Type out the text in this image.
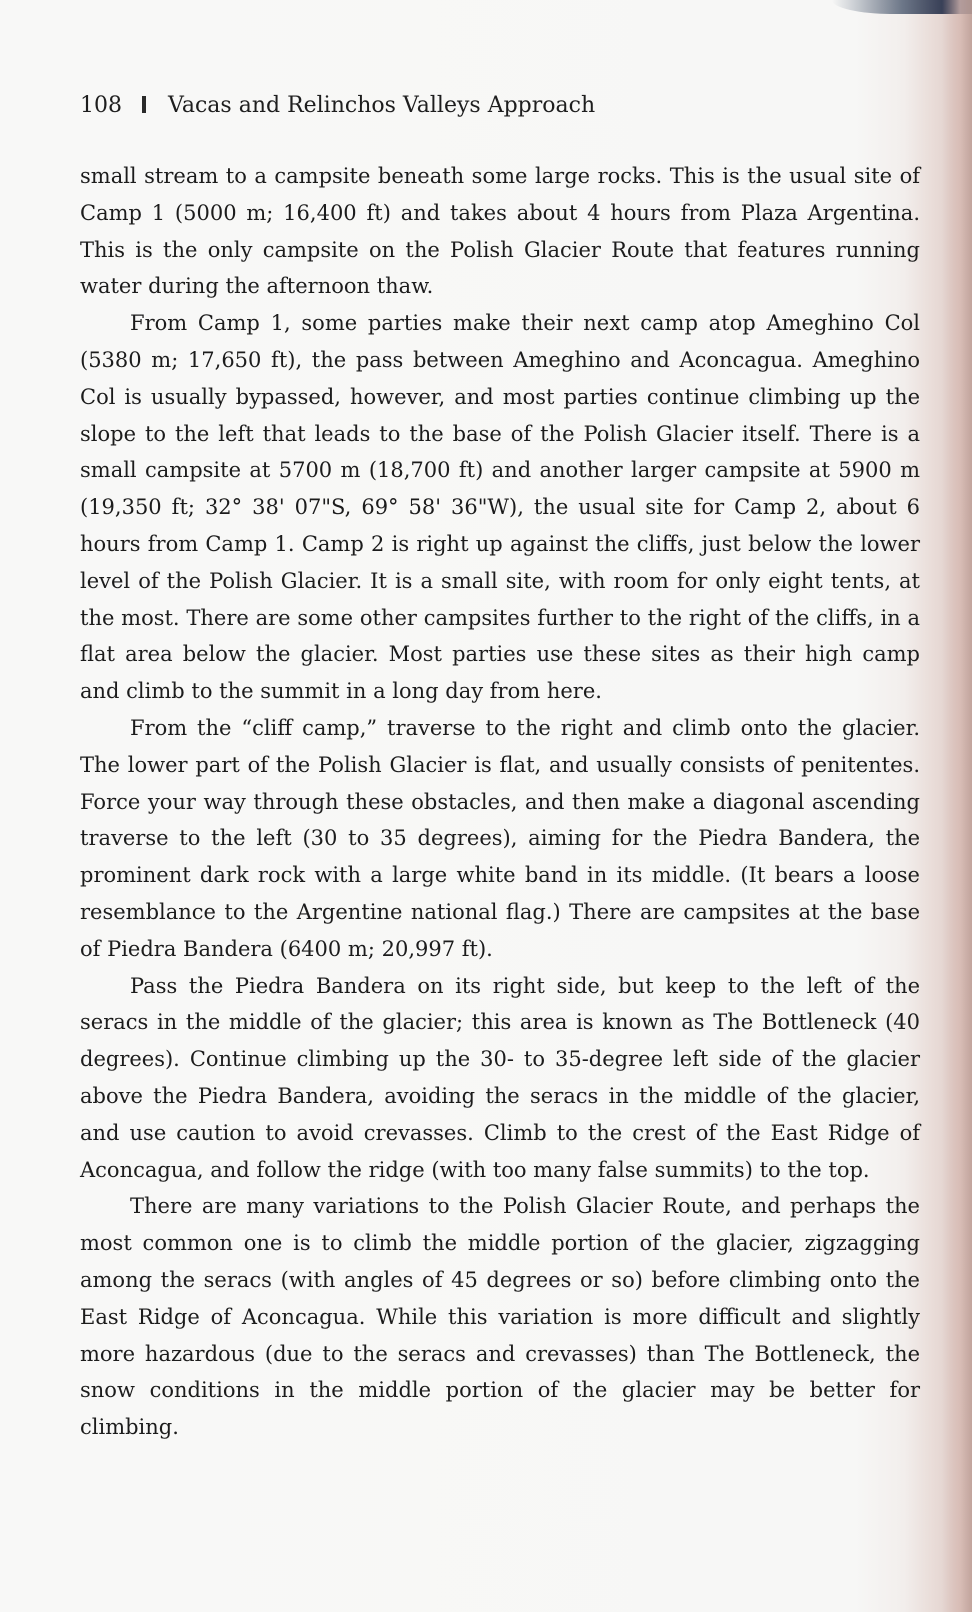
108 Vacas and Relinchos Valleys Approach

small stream to a campsite beneath some large rocks. This is the usual site of Camp 1 (5000 m; 16,400 ft) and takes about 4 hours from Plaza Argentina. This is the only campsite on the Polish Glacier Route that features running water during the afternoon thaw.

From Camp 1, some parties make their next camp atop Ameghino Col (5380 m; 17,650 ft), the pass between Ameghino and Aconcagua. Ameghino Col is usually bypassed, however, and most parties continue climbing up the slope to the left that leads to the base of the Polish Glacier itself. There is a small campsite at 5700 m (18,700 ft) and another larger campsite at 5900 m (19,350 ft; 32° 38' 07"S, 69° 58' 36"W), the usual site for Camp 2, about 6 hours from Camp 1. Camp 2 is right up against the cliffs, just below the lower level of the Polish Glacier. It is a small site, with room for only eight tents, at the most. There are some other campsites further to the right of the cliffs, in a flat area below the glacier. Most parties use these sites as their high camp and climb to the summit in a long day from here.

From the “cliff camp,” traverse to the right and climb onto the glacier. The lower part of the Polish Glacier is flat, and usually consists of penitentes. Force your way through these obstacles, and then make a diagonal ascending traverse to the left (30 to 35 degrees), aiming for the Piedra Bandera, the prominent dark rock with a large white band in its middle. (It bears a loose resemblance to the Argentine national flag.) There are campsites at the base of Piedra Bandera (6400 m; 20,997 ft).

Pass the Piedra Bandera on its right side, but keep to the left of the seracs in the middle of the glacier; this area is known as The Bottleneck (40 degrees). Continue climbing up the 30- to 35-degree left side of the glacier above the Piedra Bandera, avoiding the seracs in the middle of the glacier, and use caution to avoid crevasses. Climb to the crest of the East Ridge of Aconcagua, and follow the ridge (with too many false summits) to the top.

There are many variations to the Polish Glacier Route, and perhaps the most common one is to climb the middle portion of the glacier, zigzagging among the seracs (with angles of 45 degrees or so) before climbing onto the East Ridge of Aconcagua. While this variation is more difficult and slightly more hazardous (due to the seracs and crevasses) than The Bottleneck, the snow conditions in the middle portion of the glacier may be better for climbing.
